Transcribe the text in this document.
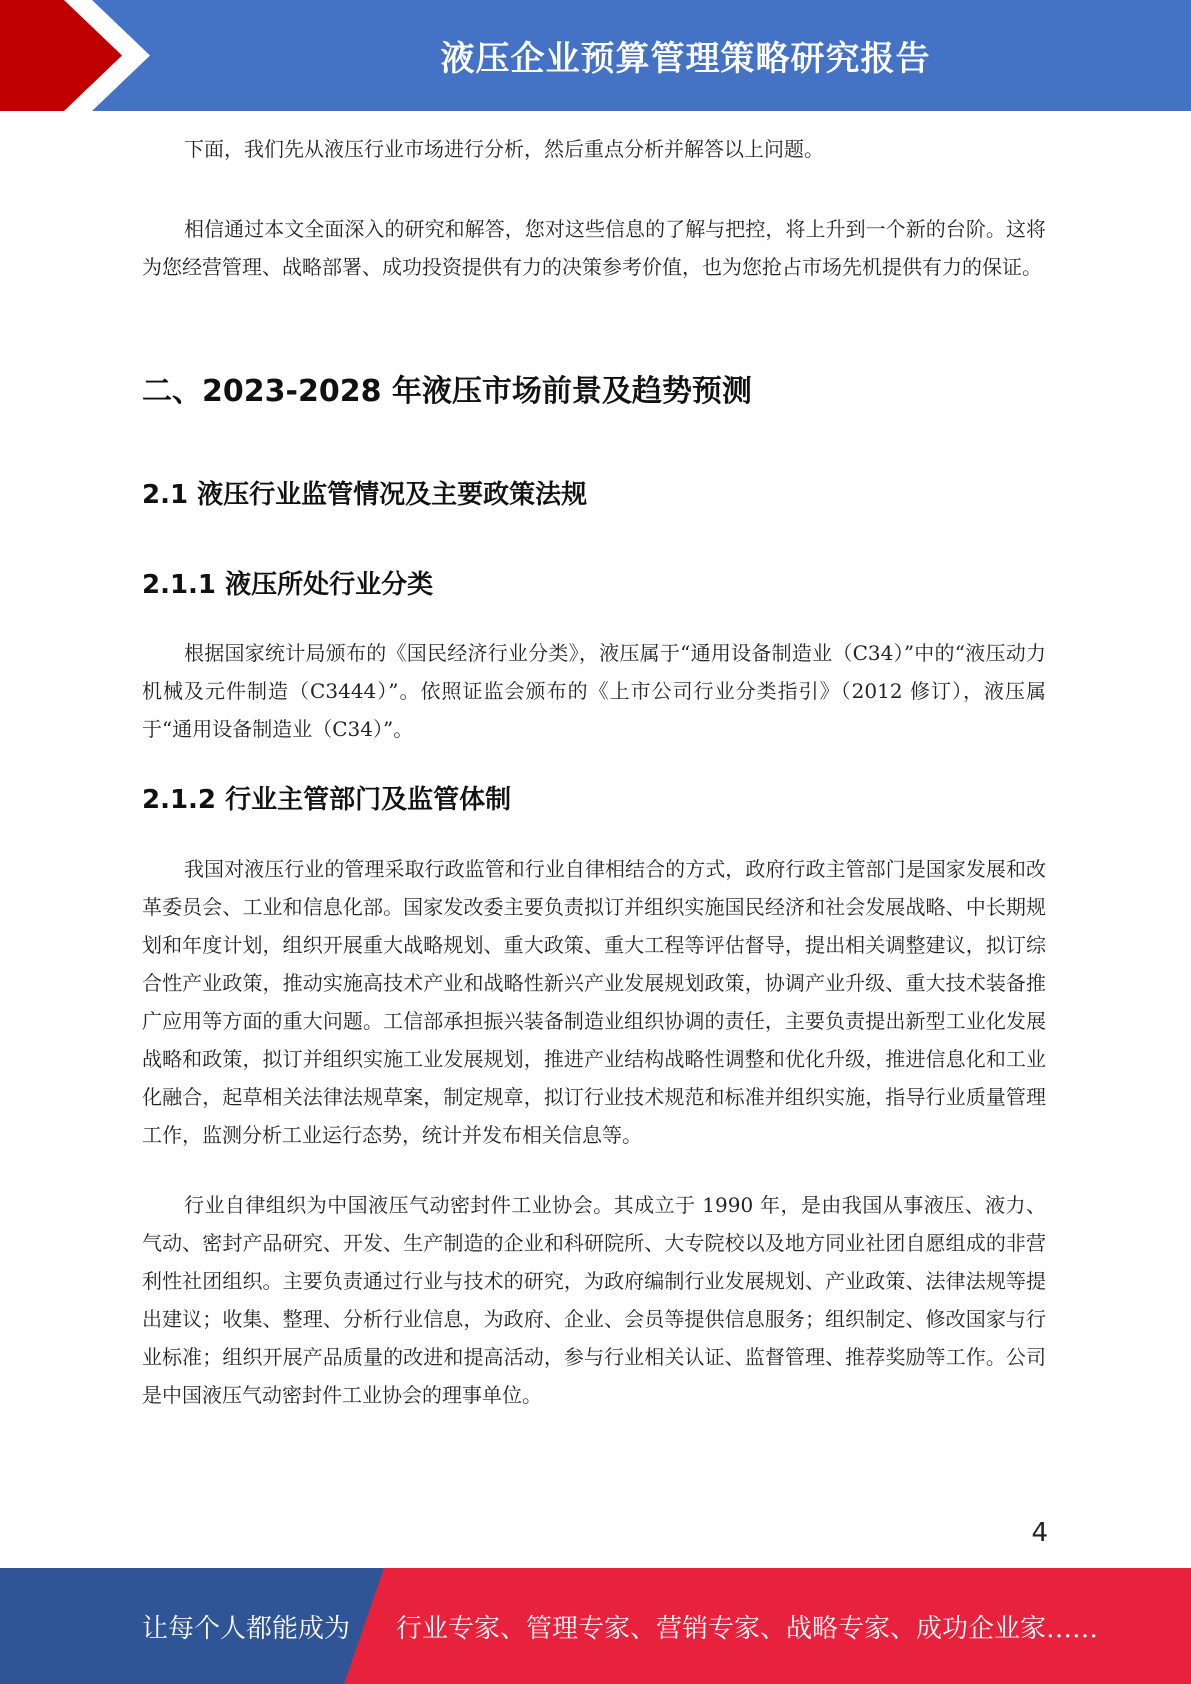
液压企业预算管理策略研究报告

下面，我们先从液压行业市场进行分析，然后重点分析并解答以上问题。

相信通过本文全面深入的研究和解答，您对这些信息的了解与把控，将上升到一个新的台阶。这将为您经营管理、战略部署、成功投资提供有力的决策参考价值，也为您抢占市场先机提供有力的保证。

二、2023-2028 年液压市场前景及趋势预测
2.1 液压行业监管情况及主要政策法规
2.1.1 液压所处行业分类

根据国家统计局颁布的《国民经济行业分类》，液压属于“通用设备制造业（C34）”中的“液压动力机械及元件制造（C3444）”。依照证监会颁布的《上市公司行业分类指引》（2012 修订），液压属于“通用设备制造业（C34）”。

2.1.2 行业主管部门及监管体制

我国对液压行业的管理采取行政监管和行业自律相结合的方式，政府行政主管部门是国家发展和改革委员会、工业和信息化部。国家发改委主要负责拟订并组织实施国民经济和社会发展战略、中长期规划和年度计划，组织开展重大战略规划、重大政策、重大工程等评估督导，提出相关调整建议，拟订综合性产业政策，推动实施高技术产业和战略性新兴产业发展规划政策，协调产业升级、重大技术装备推广应用等方面的重大问题。工信部承担振兴装备制造业组织协调的责任，主要负责提出新型工业化发展战略和政策，拟订并组织实施工业发展规划，推进产业结构战略性调整和优化升级，推进信息化和工业化融合，起草相关法律法规草案，制定规章，拟订行业技术规范和标准并组织实施，指导行业质量管理工作，监测分析工业运行态势，统计并发布相关信息等。

行业自律组织为中国液压气动密封件工业协会。其成立于 1990 年，是由我国从事液压、液力、气动、密封产品研究、开发、生产制造的企业和科研院所、大专院校以及地方同业社团自愿组成的非营利性社团组织。主要负责通过行业与技术的研究，为政府编制行业发展规划、产业政策、法律法规等提出建议；收集、整理、分析行业信息，为政府、企业、会员等提供信息服务；组织制定、修改国家与行业标准；组织开展产品质量的改进和提高活动，参与行业相关认证、监督管理、推荐奖励等工作。公司是中国液压气动密封件工业协会的理事单位。

4
让每个人都能成为 行业专家、管理专家、营销专家、战略专家、成功企业家……
